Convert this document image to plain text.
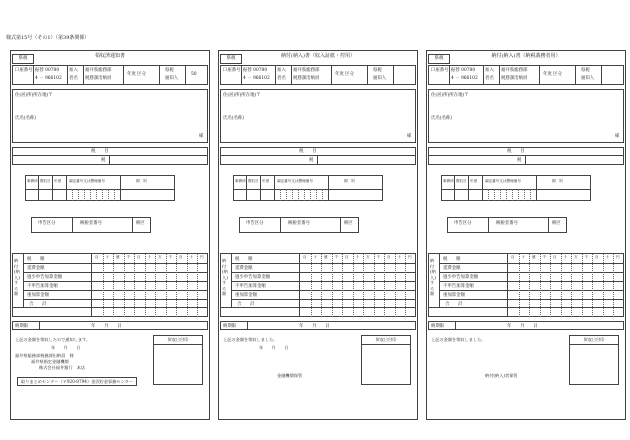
様式第15号（その1）（第39条関係）
県税	領収済通知書
口座番号 振替 00780
4 － 966102
加入
者名
福井県総務部
税務課出納員
年度 区分
県税
通知人
50
住(居)所(所在地)〒
氏名(名称)
様
税　　目
税
事務所 徴収日 年度 調定番号又は整理番号	期　別
申告区分	納税者番号	納区
納付(納入)する額
税　　額
延滞金額
過少申告加算金額
不申告加算金額
重加算金額
合　　計
百 十 億 千 百 十 万 千 百 十 円
納期限	年　　月　　日
上記の金額を領収したので通知します。
年　　月　　日
福井県総務部税務課出納員　様
福井県指定金融機関
株式会社福井銀行　本店
取りまとめセンター（〒920-8794）金沢貯金事務センター
領収日付印
県税	納付(納入)書（収入証紙・控用）
口座番号 振替 00780
4 － 966102
加入
者名
福井県総務部
税務課出納員
年度 区分
県税
通知人
住(居)所(所在地)〒
氏名(名称)
様
税　　目
税
事務所 徴収日 年度 調定番号又は整理番号	期　別
申告区分	納税者番号	納区
納付(納入)する額
税　　額
延滞金額
過少申告加算金額
不申告加算金額
重加算金額
合　　計
百 十 億 千 百 十 万 千 百 十 円
納期限	年　　月　　日
上記の金額を領収しました。
年　　月　　日
領収日付印
金融機関保管
県税	納付(納入)書（納税義務者用）
口座番号 振替 00780
4 － 966102
加入
者名
福井県総務部
税務課出納員
年度 区分
県税
通知人
住(居)所(所在地)〒
氏名(名称)
様
税　　目
税
事務所 徴収日 年度 調定番号又は整理番号	期　別
申告区分	納税者番号	納区
納付(納入)する額
税　　額
延滞金額
過少申告加算金額
不申告加算金額
重加算金額
合　　計
百 十 億 千 百 十 万 千 百 十 円
納期限	年　　月　　日
上記の金額を領収しました。	領収日付印
納付(納入)者保管
